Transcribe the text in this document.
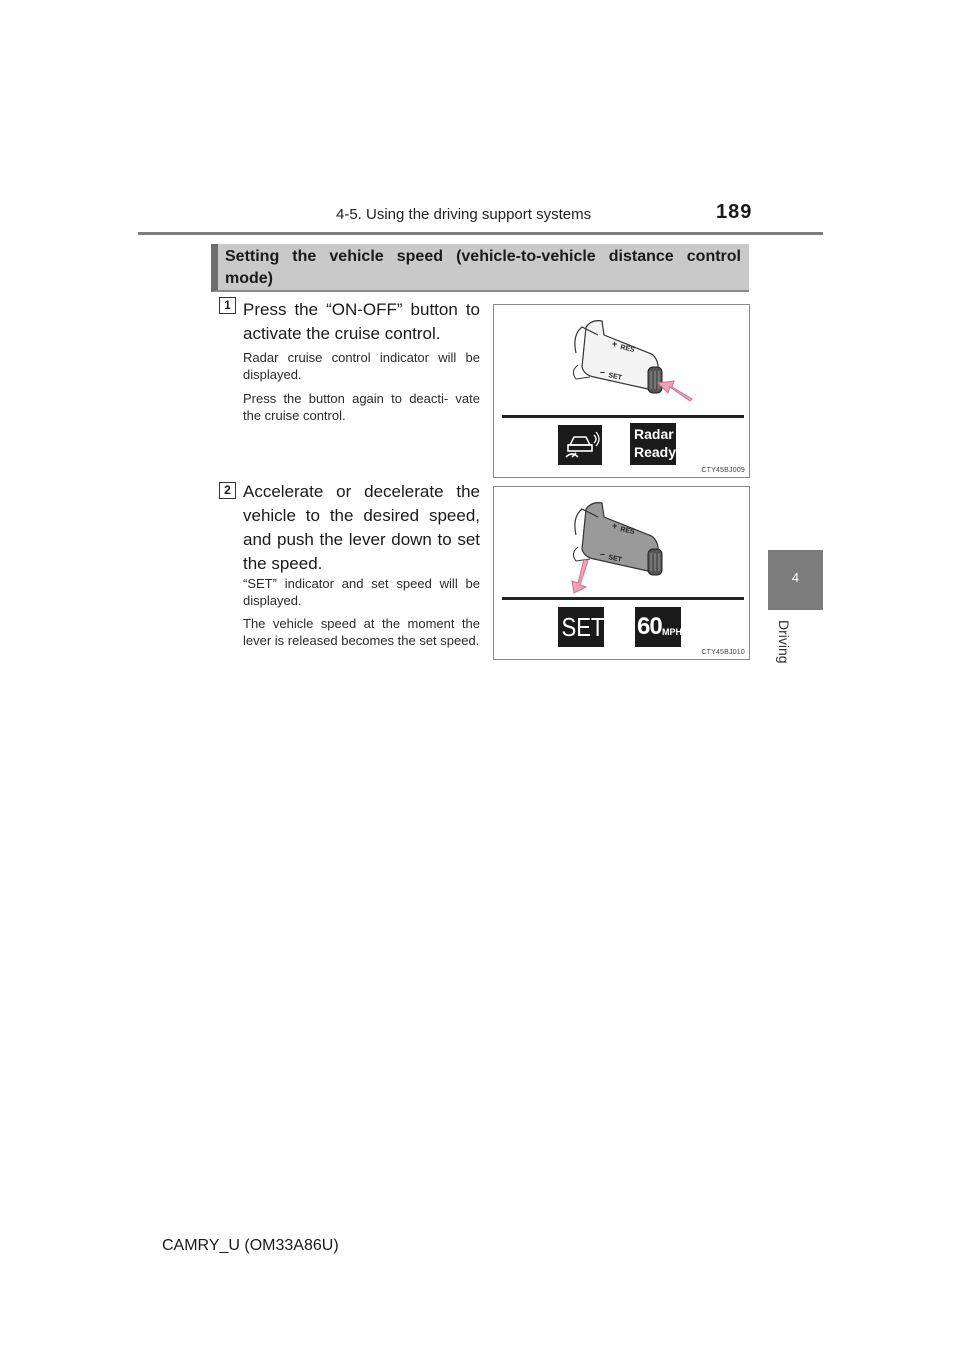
4-5. Using the driving support systems	189
4
Driving
Setting the vehicle speed (vehicle-to-vehicle distance control mode)
1 Press the “ON-OFF” button to activate the cruise control.
Radar cruise control indicator will be displayed.
Press the button again to deacti- vate the cruise control.
+
RES
– SET
Radar
Ready
CTY45BJ009
2 Accelerate or decelerate the vehicle to the desired speed, and push the lever down to set the speed.
“SET” indicator and set speed will be displayed.
The vehicle speed at the moment the lever is released becomes the set speed.
+
RES
– SET
SET 60 MPH
CTY45BJ010
CAMRY_U (OM33A86U)
